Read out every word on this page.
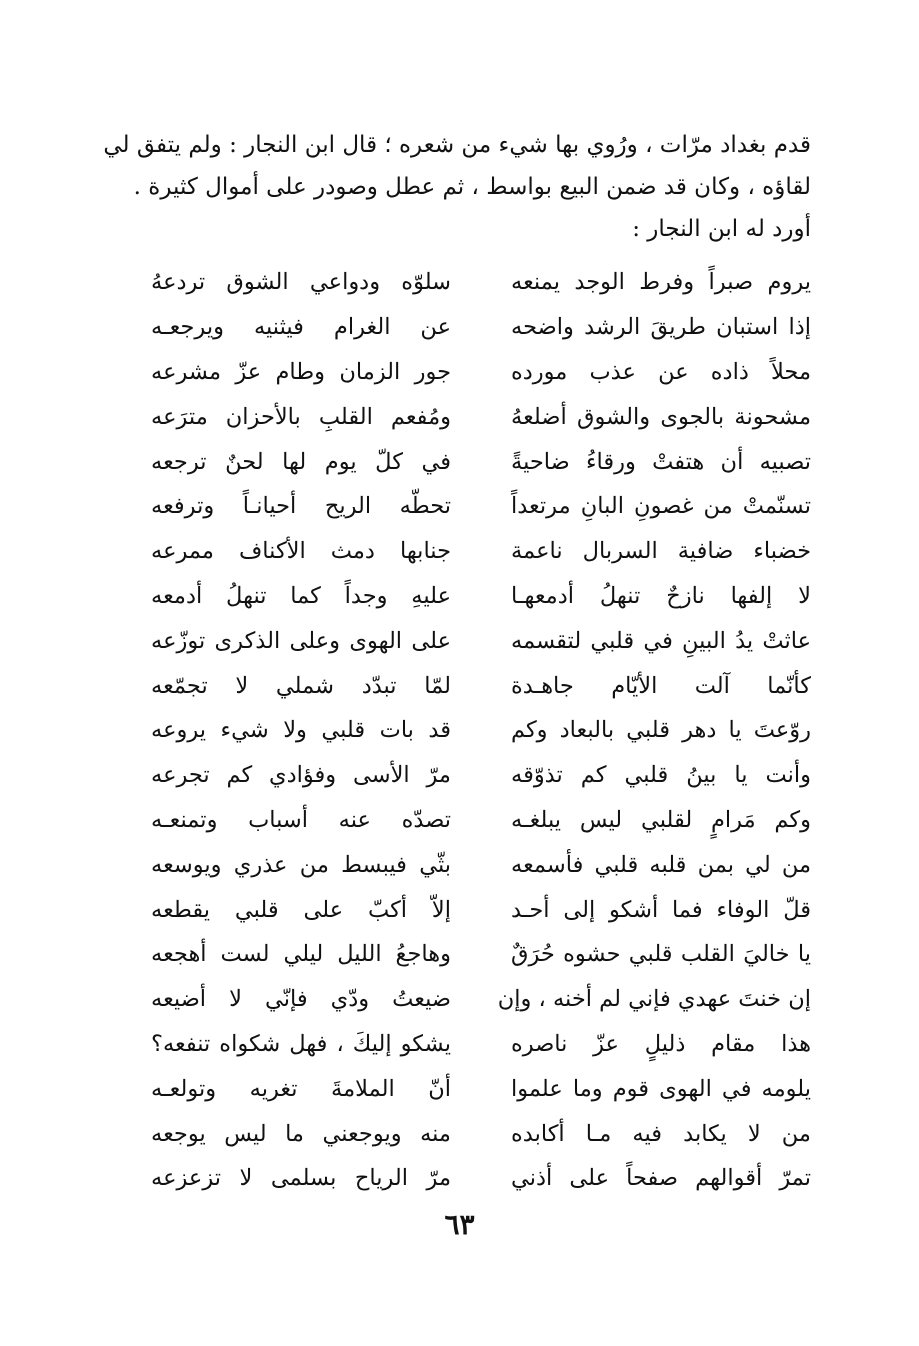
قدم بغداد مرّات ، ورُوي بها شيء من شعره ؛ قال ابن النجار : ولم يتفق لي
لقاؤه ، وكان قد ضمن البيع بواسط ، ثم عطل وصودر على أموال كثيرة .
أورد له ابن النجار :
يروم صبراً وفرط الوجد يمنعه
سلوّه ودواعي الشوق تردعهُ
إذا استبان طريقَ الرشد واضحه
عن الغرام فيثنيه ويرجعـه
محلاً ذاده عن عذب مورده
جور الزمان وطام عزّ مشرعه
مشحونة بالجوى والشوق أضلعهُ
ومُفعم القلبِ بالأحزان مترَعه
تصبيه أن هتفتْ ورقاءُ ضاحيةً
في كلّ يوم لها لحنٌ ترجعه
تسنّمتْ من غصونِ البانِ مرتعداً
تحطّه الريح أحيانـاً وترفعه
خضباء ضافية السربال ناعمة
جنابها دمث الأكناف ممرعه
لا إلفها نازحٌ تنهلُ أدمعهـا
عليهِ وجداً كما تنهلُ أدمعه
عاثتْ يدُ البينِ في قلبي لتقسمه
على الهوى وعلى الذكرى توزّعه
كأنّما آلت الأيّام جاهـدة
لمّا تبدّد شملي لا تجمّعه
روّعتَ يا دهر قلبي بالبعاد وكم
قد بات قلبي ولا شيء يروعه
وأنت يا بينُ قلبي كم تذوّقه
مرّ الأسى وفؤادي كم تجرعه
وكم مَرامٍ لقلبي ليس يبلغـه
تصدّه عنه أسباب وتمنعـه
من لي بمن قلبه قلبي فأسمعه
بثّي فيبسط من عذري ويوسعه
قلّ الوفاء فما أشكو إلى أحـد
إلاّ أكبّ على قلبي يقطعه
يا خاليَ القلب قلبي حشوه حُرَقٌ
وهاجعُ الليل ليلي لست أهجعه
إن خنتَ عهدي فإني لم أخنه ، وإن
ضيعتُ ودّي فإنّي لا أضيعه
هذا مقام ذليلٍ عزّ ناصره
يشكو إليكَ ، فهل شكواه تنفعه؟
يلومه في الهوى قوم وما علموا
أنّ الملامةَ تغريه وتولعـه
من لا يكابد فيه مـا أكابده
منه ويوجعني ما ليس يوجعه
تمرّ أقوالهم صفحاً على أذني
مرّ الرياح بسلمى لا تزعزعه
٦٣
